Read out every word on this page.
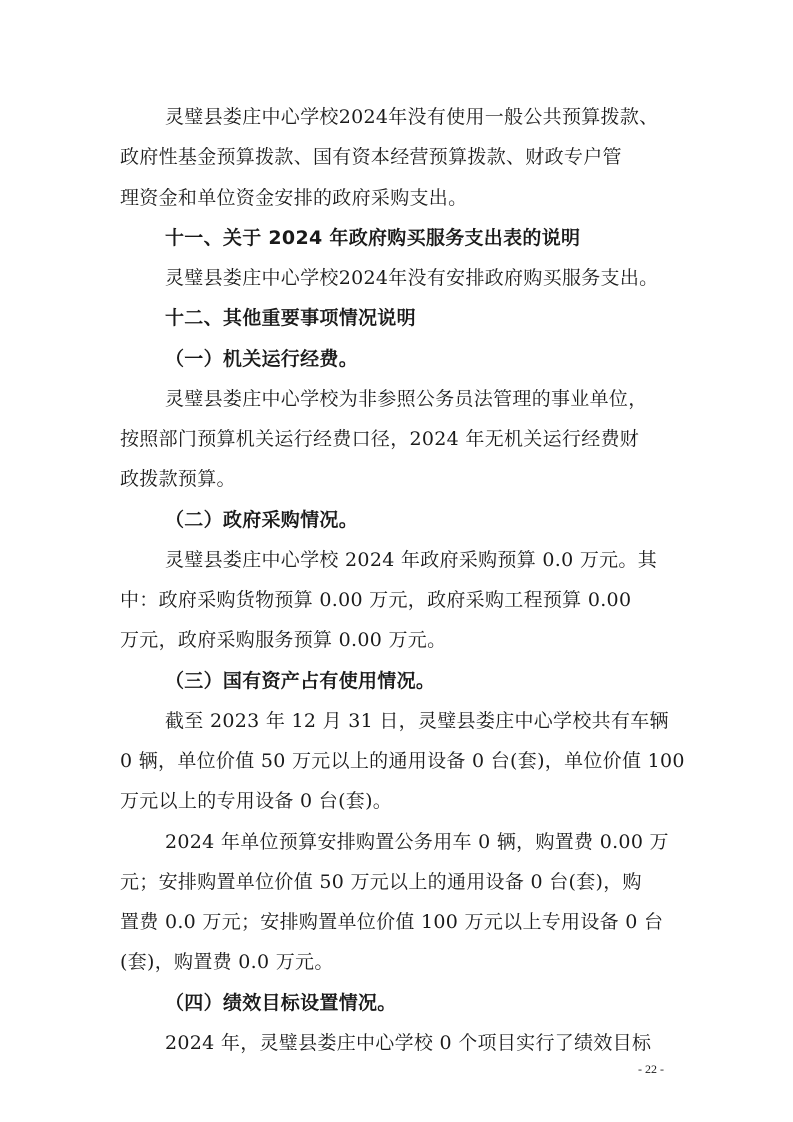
灵璧县娄庄中心学校2024年没有使用一般公共预算拨款、
政府性基金预算拨款、国有资本经营预算拨款、财政专户管
理资金和单位资金安排的政府采购支出。
十一、关于 2024 年政府购买服务支出表的说明
灵璧县娄庄中心学校2024年没有安排政府购买服务支出。
十二、其他重要事项情况说明
（一）机关运行经费。
灵璧县娄庄中心学校为非参照公务员法管理的事业单位，
按照部门预算机关运行经费口径，2024 年无机关运行经费财
政拨款预算。
（二）政府采购情况。
灵璧县娄庄中心学校 2024 年政府采购预算 0.0 万元。其
中：政府采购货物预算 0.00 万元，政府采购工程预算 0.00
万元，政府采购服务预算 0.00 万元。
（三）国有资产占有使用情况。
截至 2023 年 12 月 31 日，灵璧县娄庄中心学校共有车辆
0 辆，单位价值 50 万元以上的通用设备 0 台(套)，单位价值 100
万元以上的专用设备 0 台(套)。
2024 年单位预算安排购置公务用车 0 辆，购置费 0.00 万
元；安排购置单位价值 50 万元以上的通用设备 0 台(套)，购
置费 0.0 万元；安排购置单位价值 100 万元以上专用设备 0 台
(套)，购置费 0.0 万元。
（四）绩效目标设置情况。
2024 年，灵璧县娄庄中心学校 0 个项目实行了绩效目标
- 22 -
